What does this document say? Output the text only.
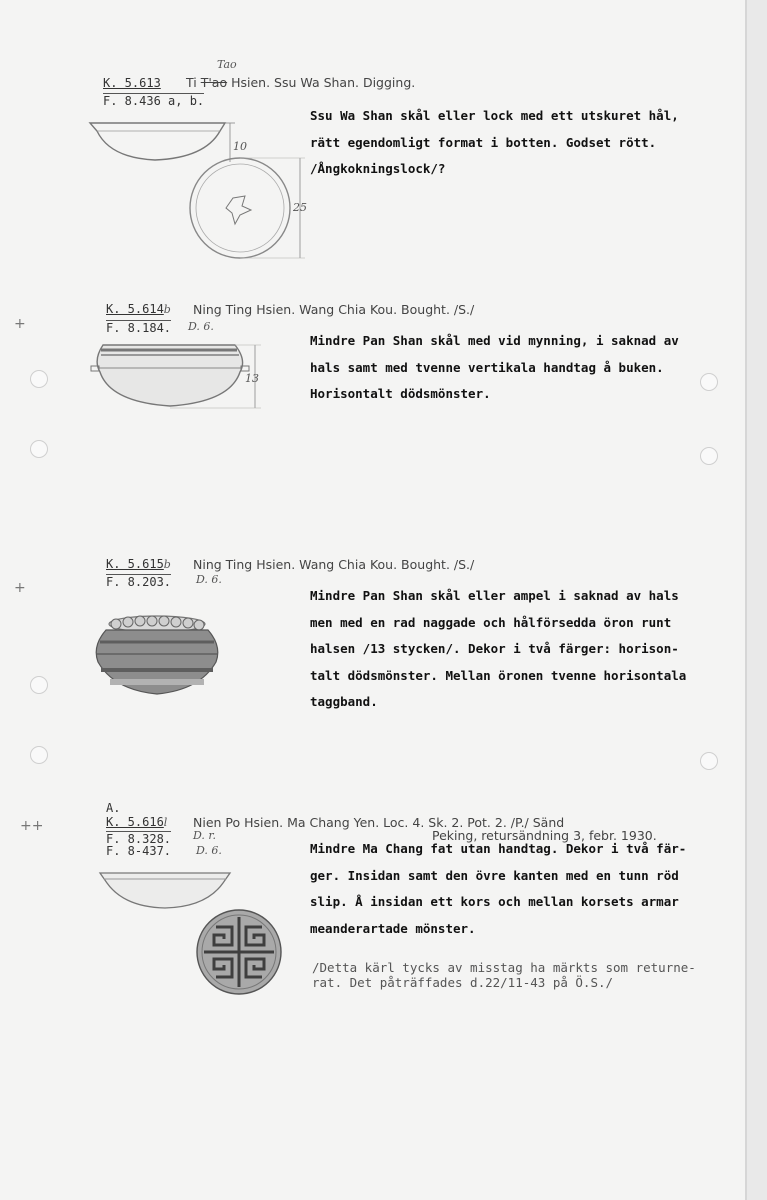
+
+
++
Tao
K. 5.613 Ti T'ao Hsien. Ssu Wa Shan. Digging.
F. 8.436 a, b.
Ssu Wa Shan skål eller lock med ett utskuret hål,
rätt egendomligt format i botten. Godset rött.
/Ångkokningslock/?
10
25
K. 5.614b Ning Ting Hsien. Wang Chia Kou. Bought. /S./
F. 8.184. D. 6.
Mindre Pan Shan skål med vid mynning, i saknad av
hals samt med tvenne vertikala handtag å buken.
Horisontalt dödsmönster.
13
K. 5.615b Ning Ting Hsien. Wang Chia Kou. Bought. /S./
F. 8.203. D. 6.
Mindre Pan Shan skål eller ampel i saknad av hals
men med en rad naggade och hålförsedda öron runt
halsen /13 stycken/. Dekor i två färger: horison-
talt dödsmönster. Mellan öronen tvenne horisontala
taggband.
A.
K. 5.616l Nien Po Hsien. Ma Chang Yen. Loc. 4. Sk. 2. Pot. 2. /P./ Sänd
Peking, retursändning 3, febr. 1930.
F. 8.328. D. r.
F. 8-437. D. 6.	Mindre Ma Chang fat utan handtag. Dekor i två fär-
ger. Insidan samt den övre kanten med en tunn röd
slip. Å insidan ett kors och mellan korsets armar
meanderartade mönster.
/Detta kärl tycks av misstag ha märkts som returne-
rat. Det påträffades d.22/11-43 på Ö.S./
